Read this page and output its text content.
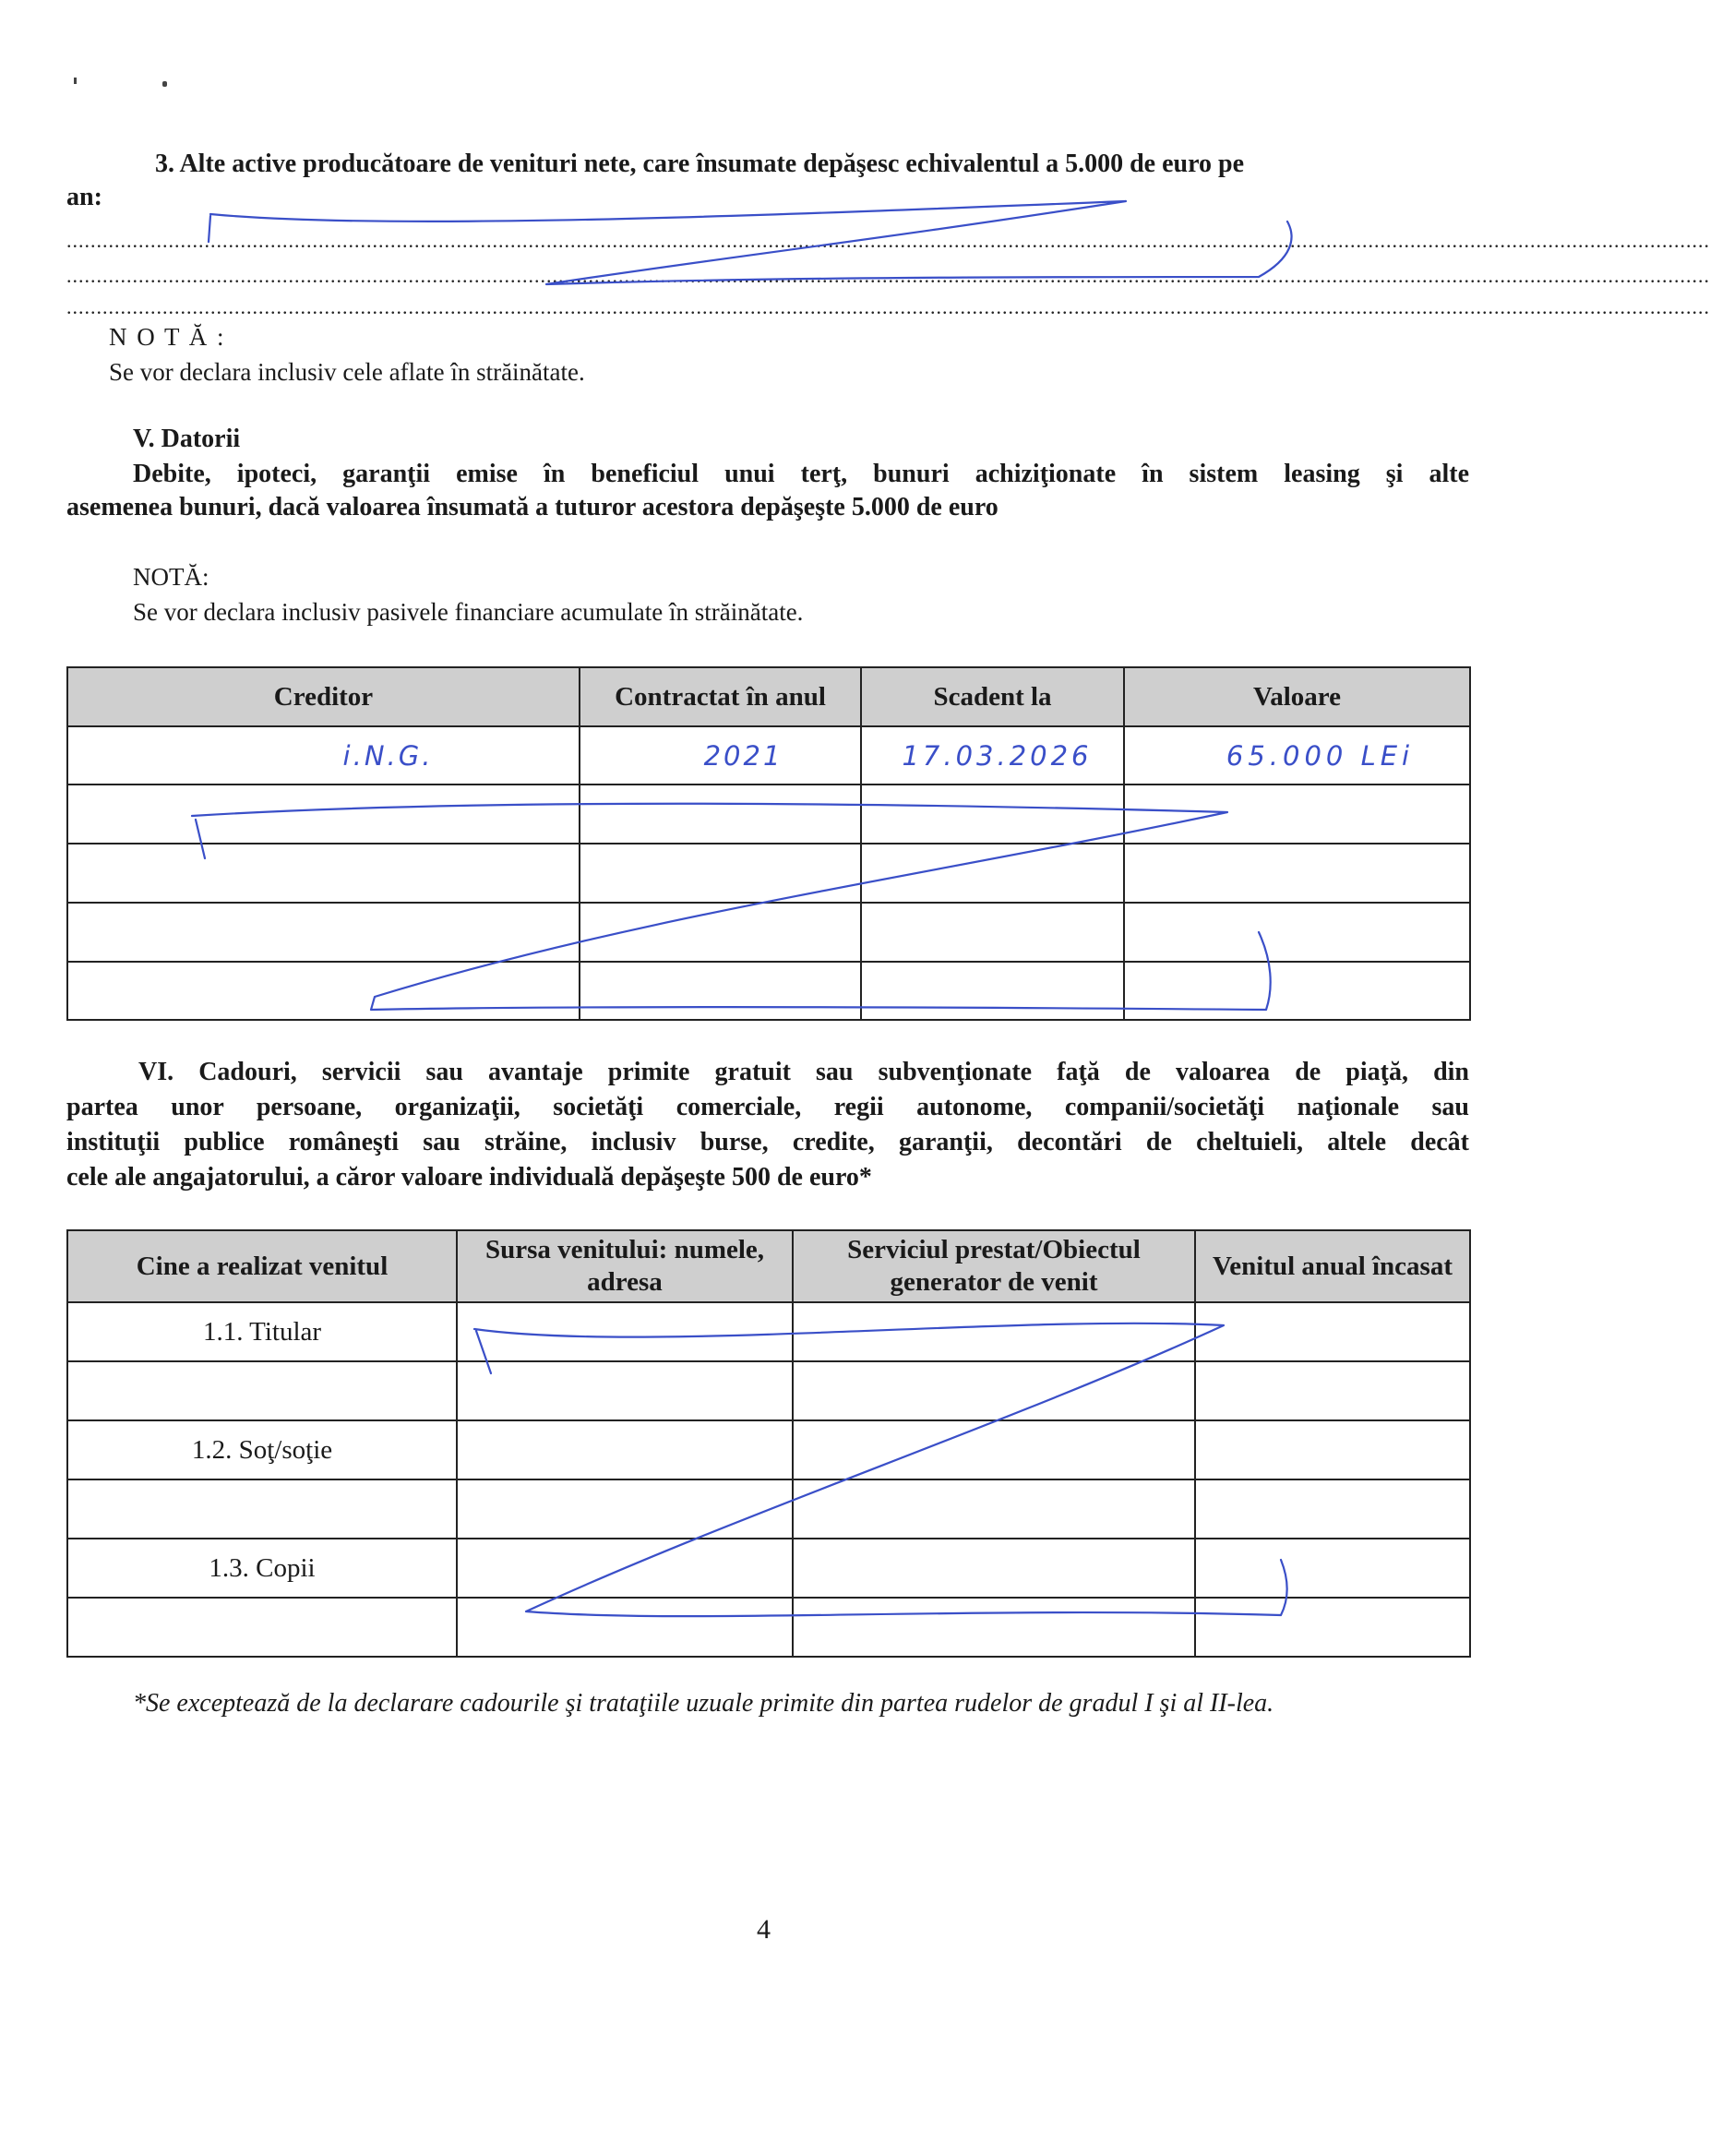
3. Alte active producătoare de venituri nete, care însumate depăşesc echivalentul a 5.000 de euro pe
an:
..................................................................................................................................................................................................................................................................................
..................................................................................................................................................................................................................................................................................
..................................................................................................................................................................................................................................................................................
N O T Ă :
Se vor declara inclusiv cele aflate în străinătate.
V. Datorii
Debite, ipoteci, garanţii emise în beneficiul unui terţ, bunuri achiziţionate în sistem leasing şi alte
asemenea bunuri, dacă valoarea însumată a tuturor acestora depăşeşte 5.000 de euro
NOTĂ:
Se vor declara inclusiv pasivele financiare acumulate în străinătate.
Creditor	Contractat în anul	Scadent la	Valoare
i.N.G.	2021	17.03.2026	65.000 LEi

VI. Cadouri, servicii sau avantaje primite gratuit sau subvenţionate faţă de valoarea de piaţă, din
partea unor persoane, organizaţii, societăţi comerciale, regii autonome, companii/societăţi naţionale sau
instituţii publice româneşti sau străine, inclusiv burse, credite, garanţii, decontări de cheltuieli, altele decât
cele ale angajatorului, a căror valoare individuală depăşeşte 500 de euro*
Cine a realizat venitul	Sursa venitului: numele, adresa	Serviciul prestat/Obiectul generator de venit	Venitul anual încasat
1.1. Titular			

1.2. Soţ/soţie			

1.3. Copii			

*Se exceptează de la declarare cadourile şi trataţiile uzuale primite din partea rudelor de gradul I şi al II-lea.
4
